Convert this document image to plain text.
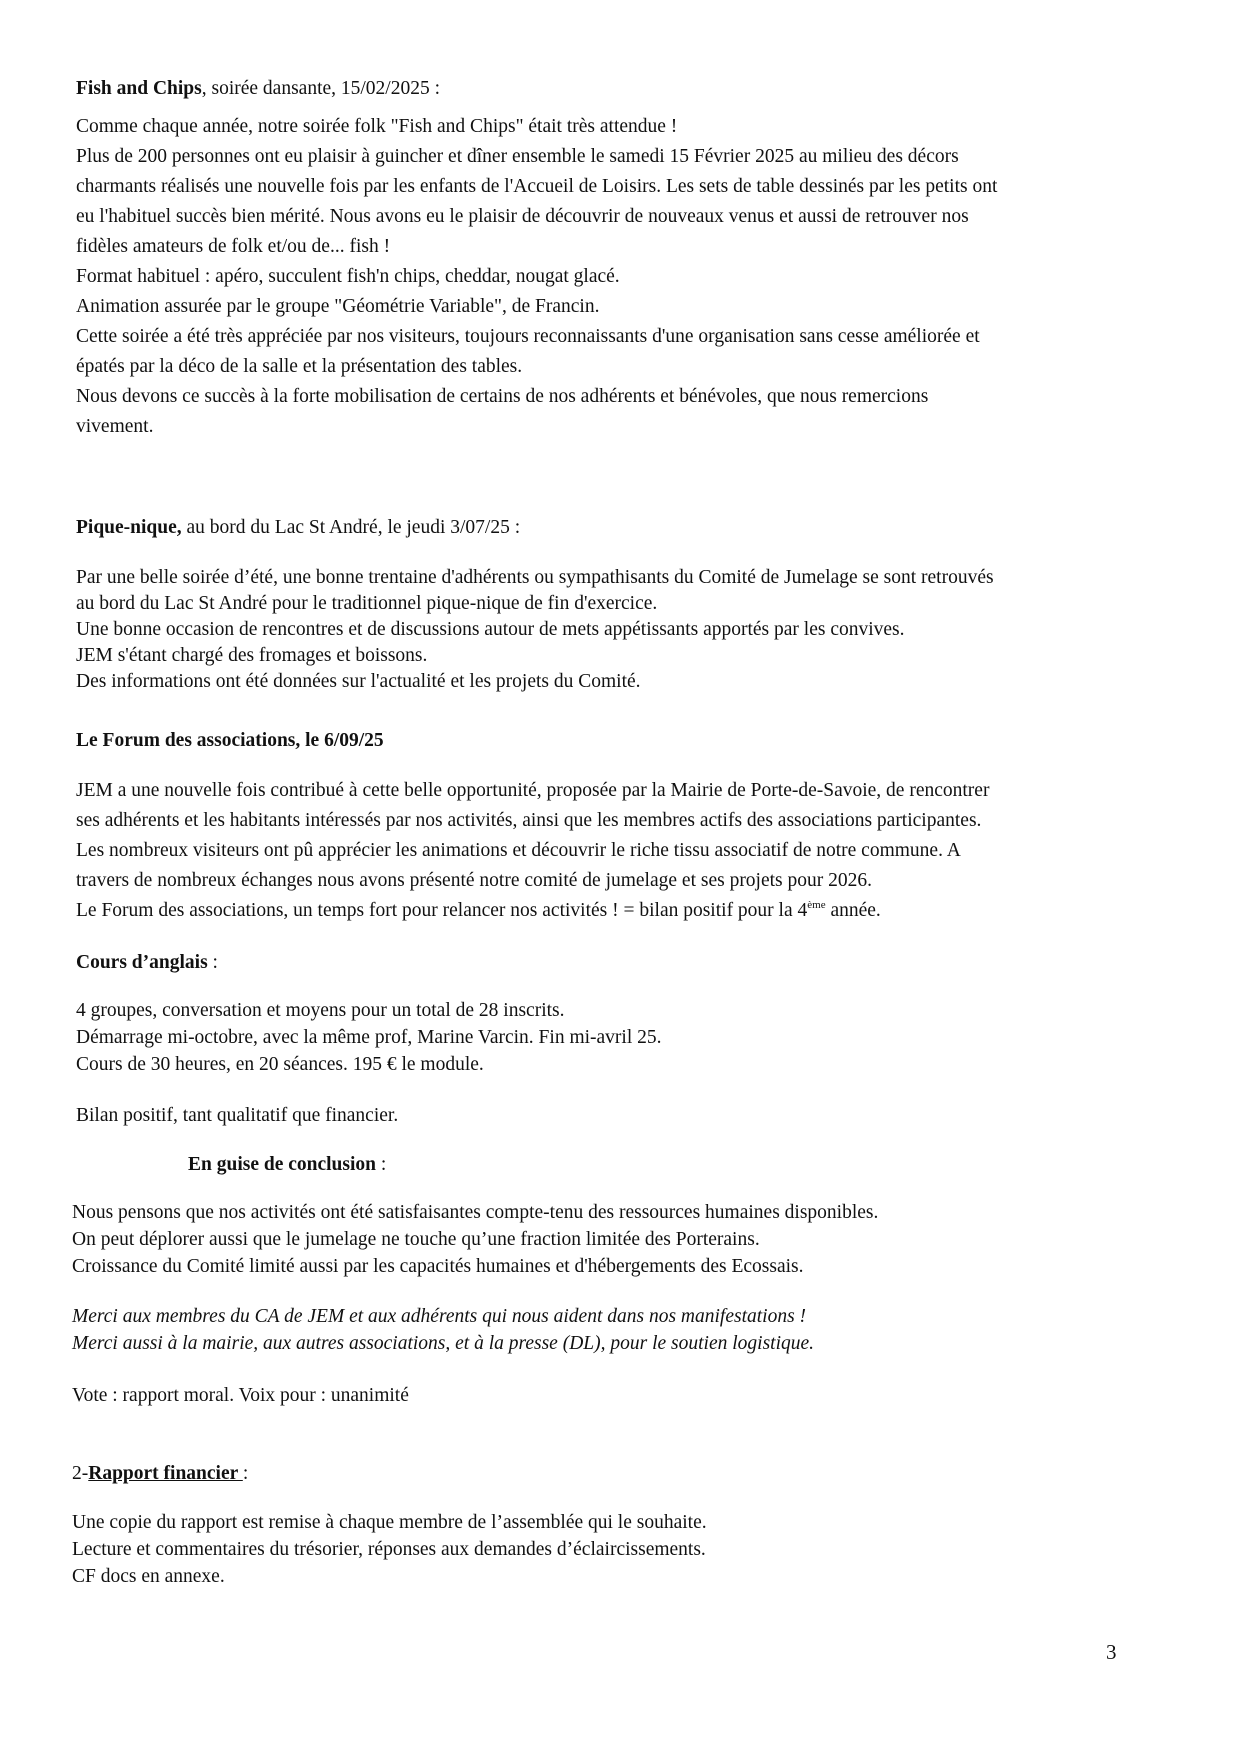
Fish and Chips, soirée dansante, 15/02/2025 :

Comme chaque année, notre soirée folk "Fish and Chips" était très attendue !

Plus de 200 personnes ont eu plaisir à guincher et dîner ensemble le samedi 15 Février 2025 au milieu des décors

charmants réalisés une nouvelle fois par les enfants de l'Accueil de Loisirs. Les sets de table dessinés par les petits ont

eu l'habituel succès bien mérité. Nous avons eu le plaisir de découvrir de nouveaux venus et aussi de retrouver nos

fidèles amateurs de folk et/ou de... fish !

Format habituel : apéro, succulent fish'n chips, cheddar, nougat glacé.

Animation assurée par le groupe "Géométrie Variable", de Francin.

Cette soirée a été très appréciée par nos visiteurs, toujours reconnaissants d'une organisation sans cesse améliorée et

épatés par la déco de la salle et la présentation des tables.

Nous devons ce succès à la forte mobilisation de certains de nos adhérents et bénévoles, que nous remercions

vivement.

Pique-nique, au bord du Lac St André, le jeudi 3/07/25 :

Par une belle soirée d’été, une bonne trentaine d'adhérents ou sympathisants du Comité de Jumelage se sont retrouvés

au bord du Lac St André pour le traditionnel pique-nique de fin d'exercice.

Une bonne occasion de rencontres et de discussions autour de mets appétissants apportés par les convives.

JEM s'étant chargé des fromages et boissons.

Des informations ont été données sur l'actualité et les projets du Comité.

Le Forum des associations, le 6/09/25

JEM a une nouvelle fois contribué à cette belle opportunité, proposée par la Mairie de Porte-de-Savoie, de rencontrer

ses adhérents et les habitants intéressés par nos activités, ainsi que les membres actifs des associations participantes.

Les nombreux visiteurs ont pû apprécier les animations et découvrir le riche tissu associatif de notre commune. A

travers de nombreux échanges nous avons présenté notre comité de jumelage et ses projets pour 2026.

Le Forum des associations, un temps fort pour relancer nos activités ! = bilan positif pour la 4ème année.

Cours d’anglais :

4 groupes, conversation et moyens pour un total de 28 inscrits.

Démarrage mi-octobre, avec la même prof, Marine Varcin. Fin mi-avril 25.

Cours de 30 heures, en 20 séances. 195 € le module.

Bilan positif, tant qualitatif que financier.
En guise de conclusion :

Nous pensons que nos activités ont été satisfaisantes compte-tenu des ressources humaines disponibles.

On peut déplorer aussi que le jumelage ne touche qu’une fraction limitée des Porterains.

Croissance du Comité limité aussi par les capacités humaines et d'hébergements des Ecossais.

Merci aux membres du CA de JEM et aux adhérents qui nous aident dans nos manifestations !

Merci aussi à la mairie, aux autres associations, et à la presse (DL), pour le soutien logistique.

Vote : rapport moral. Voix pour : unanimité
2-Rapport financier :

Une copie du rapport est remise à chaque membre de l’assemblée qui le souhaite.

Lecture et commentaires du trésorier, réponses aux demandes d’éclaircissements.

CF docs en annexe.

3
